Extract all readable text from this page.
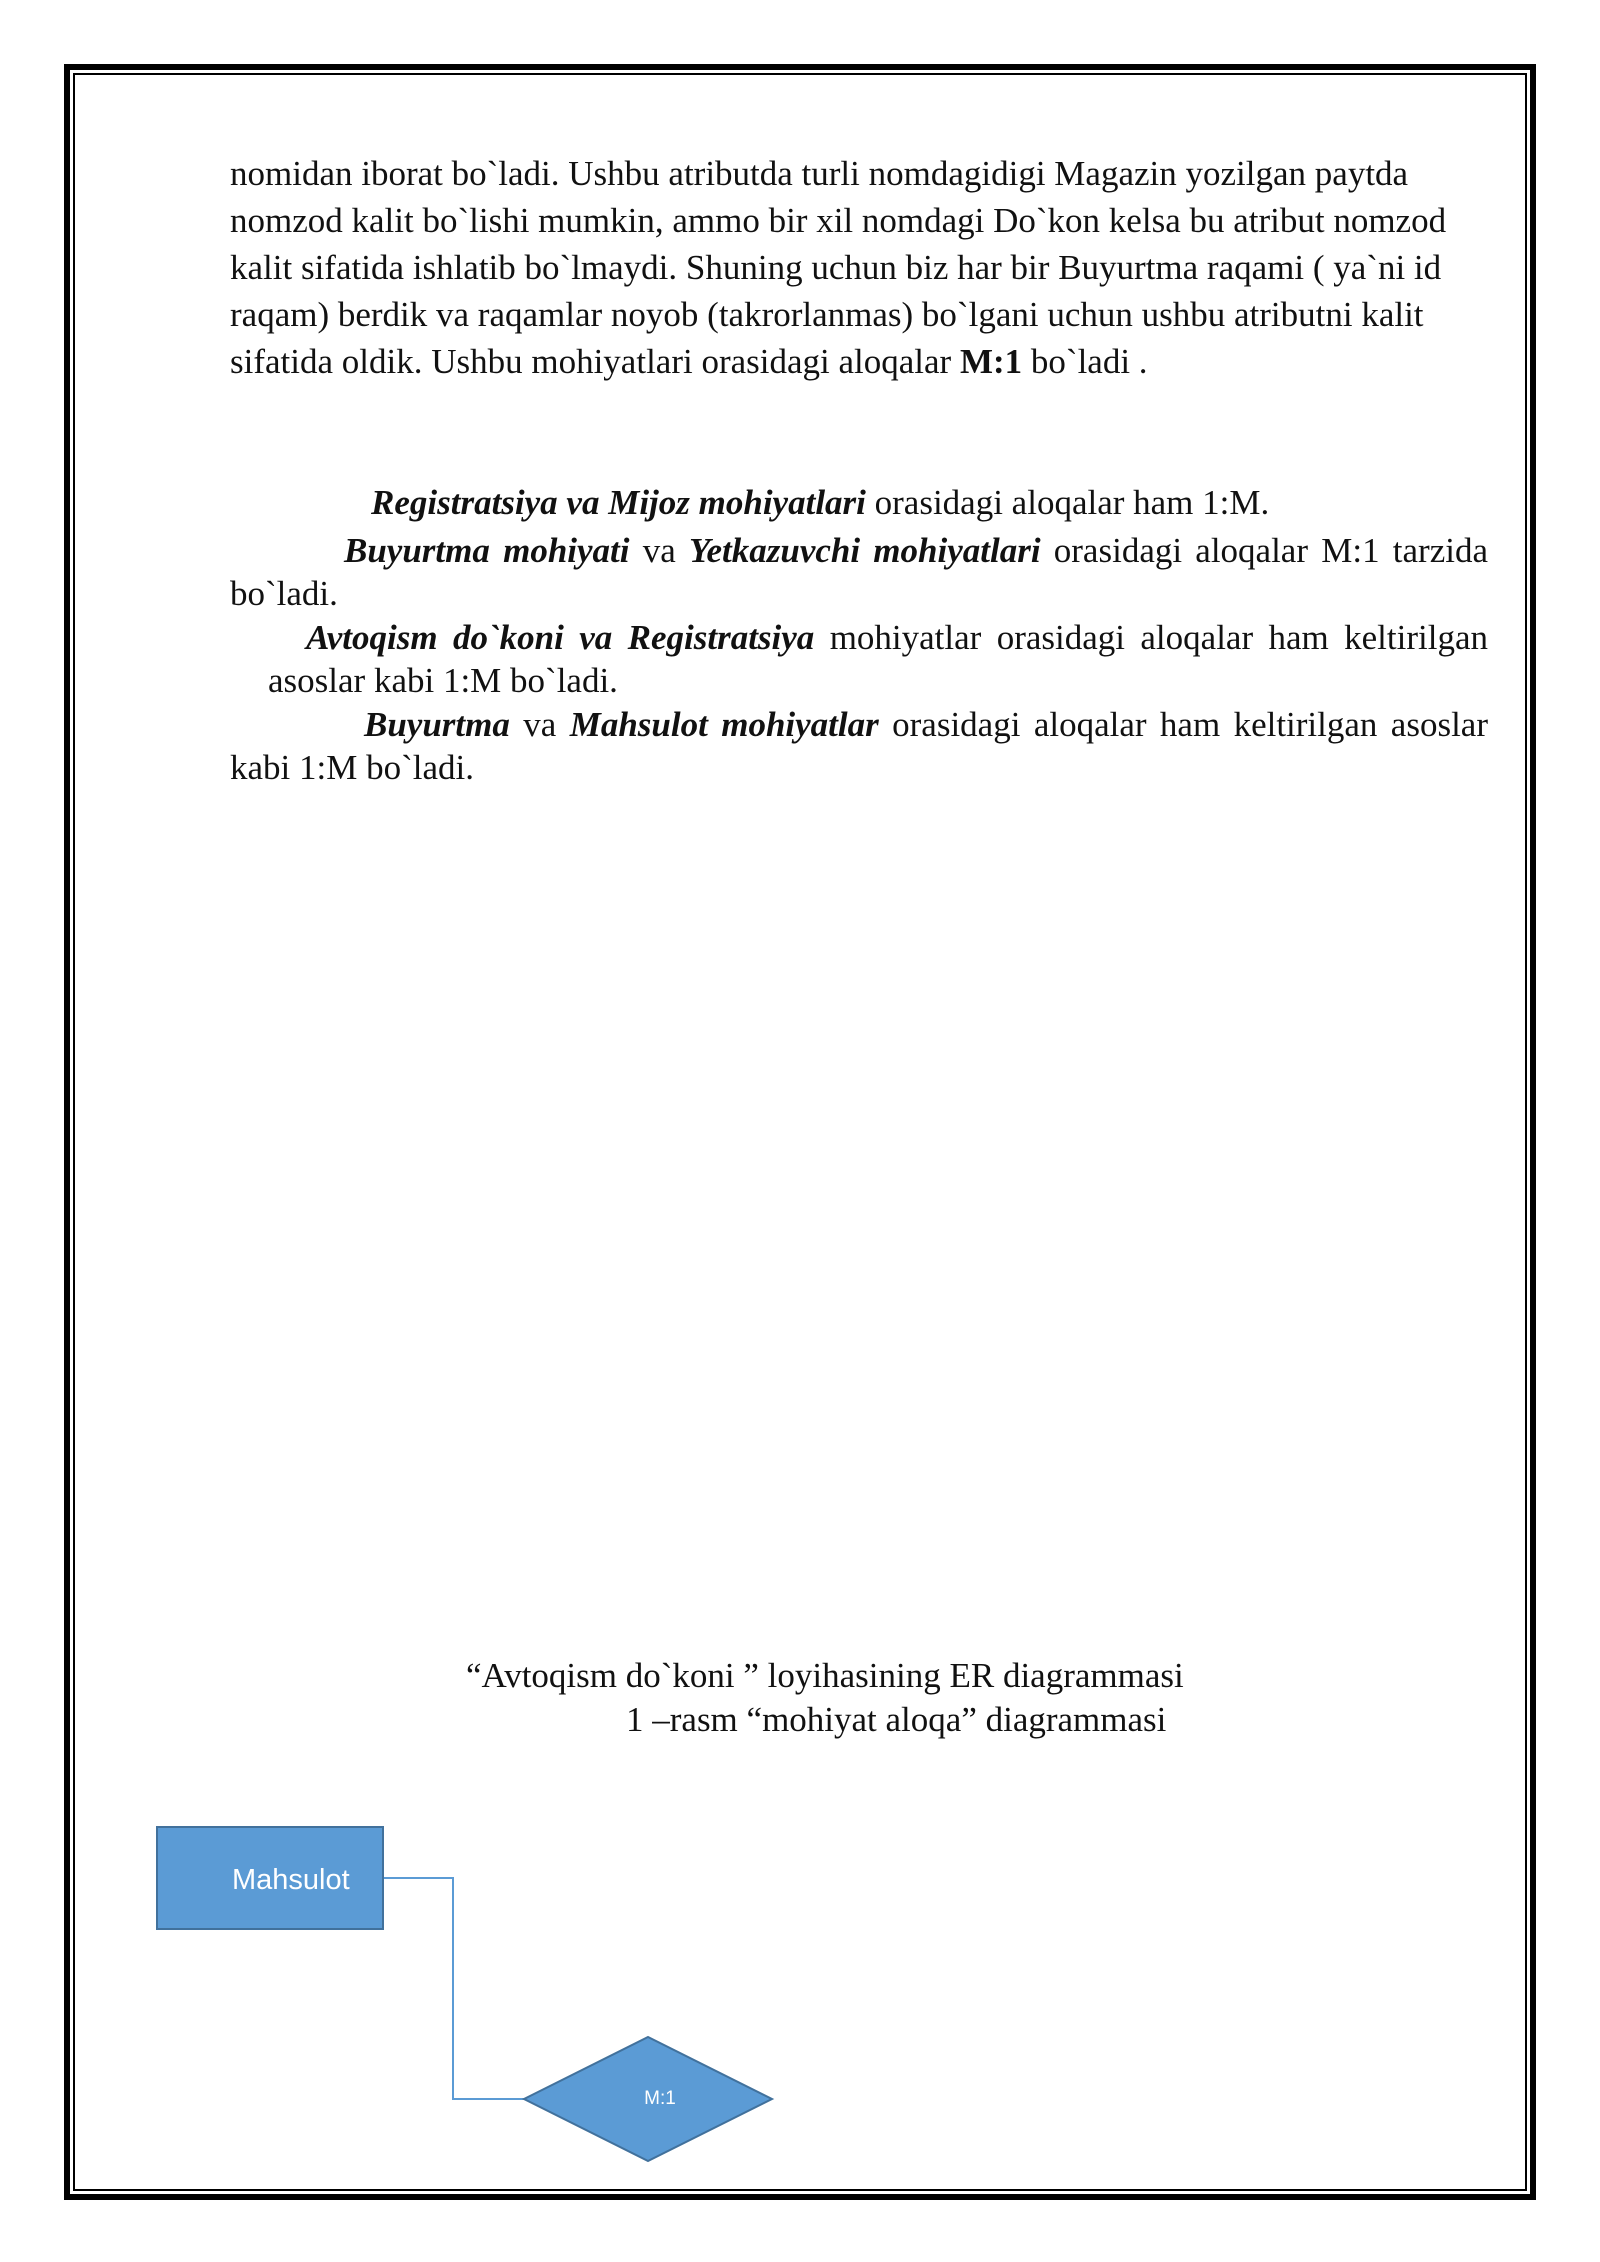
nomidan iborat bo`ladi. Ushbu atributda turli nomdagidigi Magazin yozilgan paytda nomzod kalit bo`lishi mumkin, ammo bir xil nomdagi Do`kon kelsa bu atribut nomzod kalit sifatida ishlatib bo`lmaydi. Shuning uchun biz har bir Buyurtma raqami ( ya`ni id raqam) berdik va raqamlar noyob (takrorlanmas) bo`lgani uchun ushbu atributni kalit sifatida oldik. Ushbu mohiyatlari orasidagi aloqalar M:1 bo`ladi .

Registratsiya va Mijoz mohiyatlari orasidagi aloqalar ham 1:M.

Buyurtma mohiyati va Yetkazuvchi mohiyatlari orasidagi aloqalar M:1 tarzida bo`ladi.

Avtoqism do`koni va Registratsiya mohiyatlar orasidagi aloqalar ham keltirilgan asoslar kabi 1:M bo`ladi.

Buyurtma va Mahsulot mohiyatlar orasidagi aloqalar ham keltirilgan asoslar kabi 1:M bo`ladi.

“Avtoqism do`koni ” loyihasining ER diagrammasi

1 –rasm “mohiyat aloqa” diagrammasi

Mahsulot
M:1
